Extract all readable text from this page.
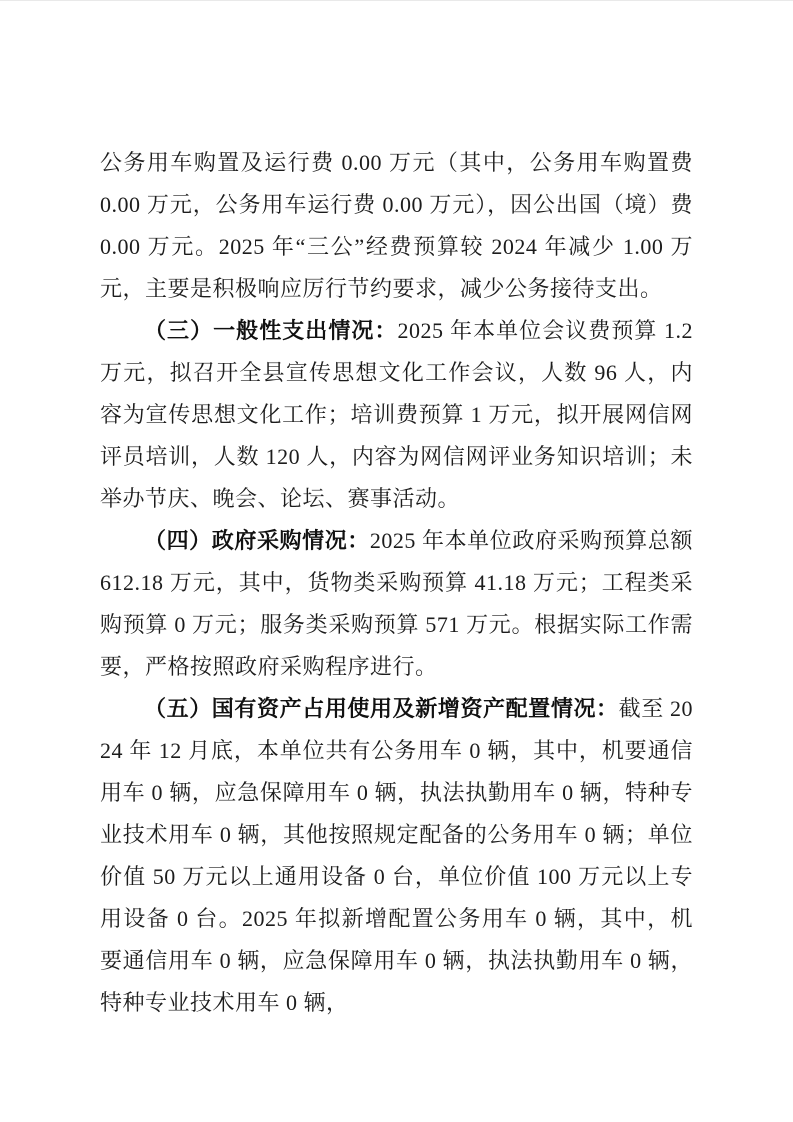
公务用车购置及运行费 0.00 万元（其中，公务用车购置费 0.00 万元，公务用车运行费 0.00 万元），因公出国（境）费 0.00 万元。2025 年“三公”经费预算较 2024 年减少 1.00 万元，主要是积极响应厉行节约要求，减少公务接待支出。

（三）一般性支出情况：2025 年本单位会议费预算 1.2 万元，拟召开全县宣传思想文化工作会议，人数 96 人，内容为宣传思想文化工作；培训费预算 1 万元，拟开展网信网评员培训，人数 120 人，内容为网信网评业务知识培训；未举办节庆、晚会、论坛、赛事活动。

（四）政府采购情况：2025 年本单位政府采购预算总额 612.18 万元，其中，货物类采购预算 41.18 万元；工程类采购预算 0 万元；服务类采购预算 571 万元。根据实际工作需要，严格按照政府采购程序进行。

（五）国有资产占用使用及新增资产配置情况：截至 2024 年 12 月底，本单位共有公务用车 0 辆，其中，机要通信用车 0 辆，应急保障用车 0 辆，执法执勤用车 0 辆，特种专业技术用车 0 辆，其他按照规定配备的公务用车 0 辆；单位价值 50 万元以上通用设备 0 台，单位价值 100 万元以上专用设备 0 台。2025 年拟新增配置公务用车 0 辆，其中，机要通信用车 0 辆，应急保障用车 0 辆，执法执勤用车 0 辆，特种专业技术用车 0 辆，
